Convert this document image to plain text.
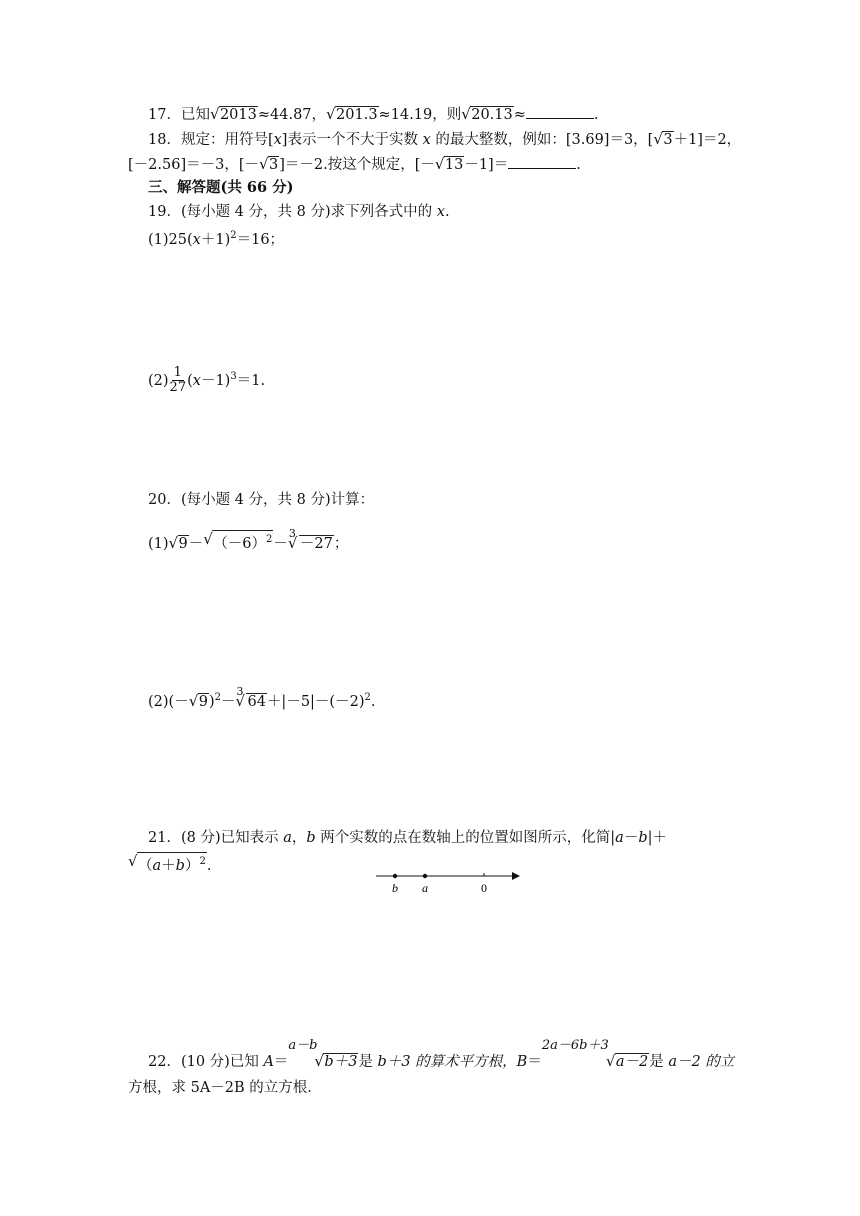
17．已知 √ 2013≈44.87， √ 201.3≈14.19，则 √ 20.13≈	.
18．规定：用符号[x]表示一个不大于实数 x 的最大整数，例如：[3.69]＝3，[ √ 3＋1]＝2，
[－2.56]＝－3，[－ √ 3]＝－2.按这个规定，[－ √ 13－1]＝	.
三、解答题(共 66 分)
19．(每小题 4 分，共 8 分)求下列各式中的 x.
$(1)25(x+1)^2=16$；
$(2) \frac{1}{27} (x-1)^3=1$.
20．(每小题 4 分，共 8 分)计算：
(1) √ 9－ √ $(-6)^2-$
√ 3
－27；
(2)(－ √ 9)$^2$－
√ 3
$64+|-5|-(-2)^2$.
21．(8 分)已知表示 a，b 两个实数的点在数轴上的位置如图所示，化简|a－b|＋
√ $(a+b)^2$.
b a	0
22．(10 分)已知 A＝
a－b
√ b＋3是 b＋3 的算术平方根，B＝
2a－6b＋3
√ a－2是 a－2 的立
方根，求 5A－2B 的立方根．
